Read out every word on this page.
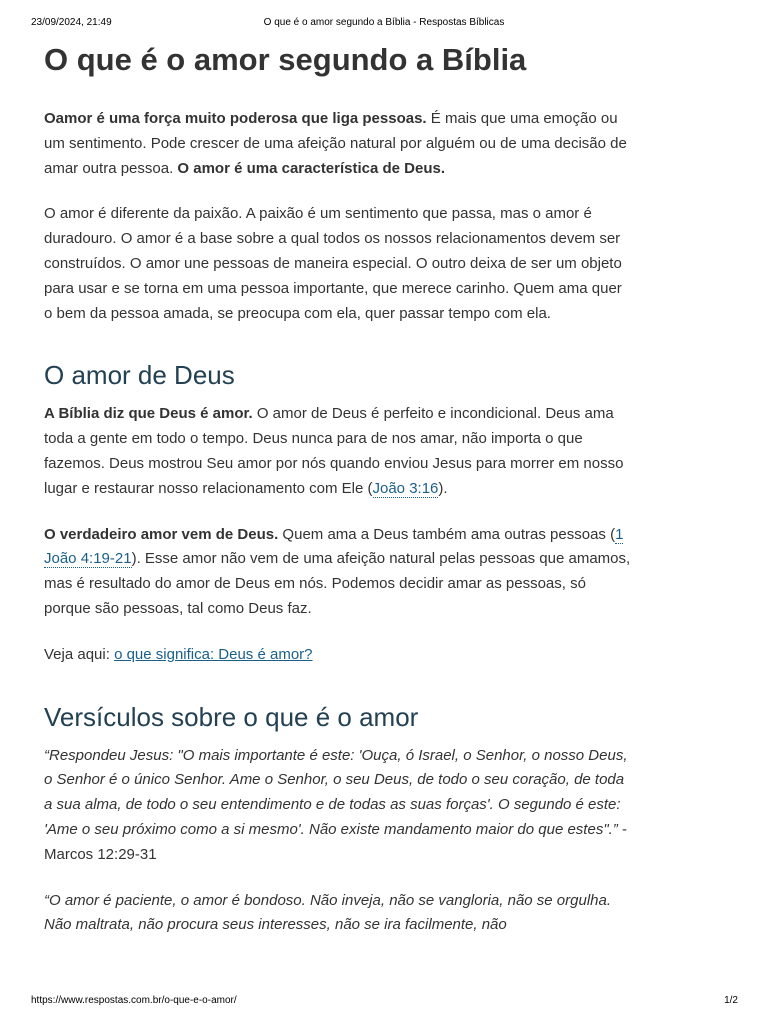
23/09/2024, 21:49	O que é o amor segundo a Bíblia - Respostas Bíblicas
O que é o amor segundo a Bíblia

Oamor é uma força muito poderosa que liga pessoas. É mais que uma emoção ou um sentimento. Pode crescer de uma afeição natural por alguém ou de uma decisão de amar outra pessoa. O amor é uma característica de Deus.

O amor é diferente da paixão. A paixão é um sentimento que passa, mas o amor é duradouro. O amor é a base sobre a qual todos os nossos relacionamentos devem ser construídos. O amor une pessoas de maneira especial. O outro deixa de ser um objeto para usar e se torna em uma pessoa importante, que merece carinho. Quem ama quer o bem da pessoa amada, se preocupa com ela, quer passar tempo com ela.

O amor de Deus

A Bíblia diz que Deus é amor. O amor de Deus é perfeito e incondicional. Deus ama toda a gente em todo o tempo. Deus nunca para de nos amar, não importa o que fazemos. Deus mostrou Seu amor por nós quando enviou Jesus para morrer em nosso lugar e restaurar nosso relacionamento com Ele (João 3:16).

O verdadeiro amor vem de Deus. Quem ama a Deus também ama outras pessoas (1 João 4:19-21). Esse amor não vem de uma afeição natural pelas pessoas que amamos, mas é resultado do amor de Deus em nós. Podemos decidir amar as pessoas, só porque são pessoas, tal como Deus faz.

Veja aqui: o que significa: Deus é amor?

Versículos sobre o que é o amor

“Respondeu Jesus: "O mais importante é este: 'Ouça, ó Israel, o Senhor, o nosso Deus, o Senhor é o único Senhor. Ame o Senhor, o seu Deus, de todo o seu coração, de toda a sua alma, de todo o seu entendimento e de todas as suas forças'. O segundo é este: 'Ame o seu próximo como a si mesmo'. Não existe mandamento maior do que estes".” - Marcos 12:29-31

“O amor é paciente, o amor é bondoso. Não inveja, não se vangloria, não se orgulha. Não maltrata, não procura seus interesses, não se ira facilmente, não

https://www.respostas.com.br/o-que-e-o-amor/	1/2
